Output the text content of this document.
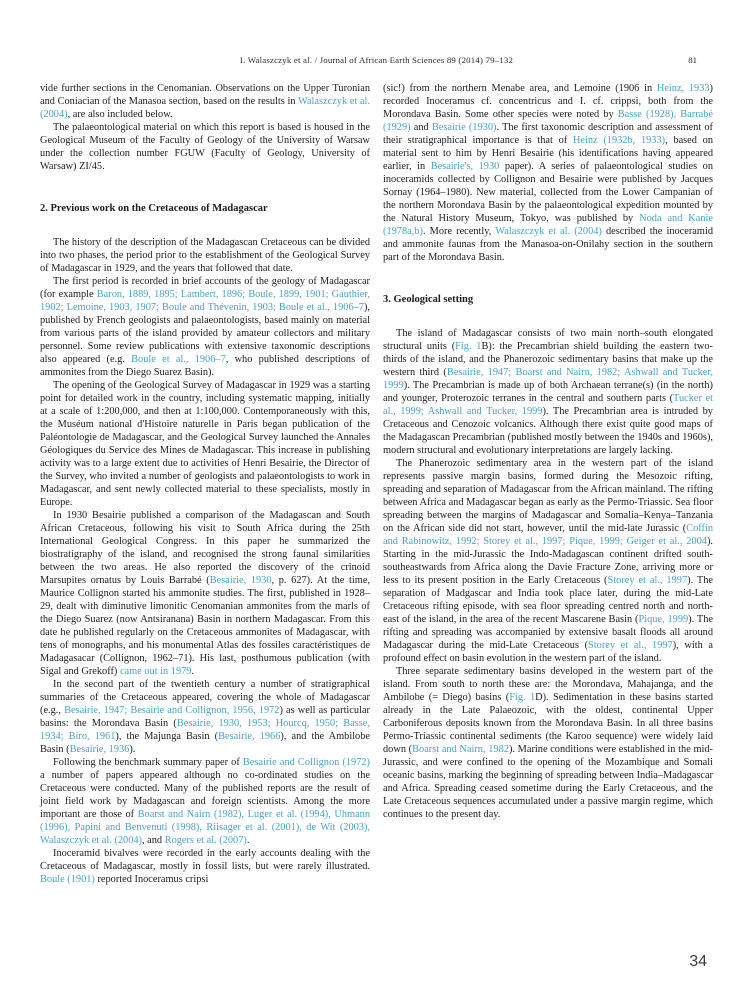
I. Walaszczyk et al. / Journal of African Earth Sciences 89 (2014) 79–132	81

vide further sections in the Cenomanian. Observations on the Upper Turonian and Coniacian of the Manasoa section, based on the results in Walaszczyk et al. (2004), are also included below.

The palaeontological material on which this report is based is housed in the Geological Museum of the Faculty of Geology of the University of Warsaw under the collection number FGUW (Faculty of Geology, University of Warsaw) ZI/45.

2. Previous work on the Cretaceous of Madagascar

The history of the description of the Madagascan Cretaceous can be divided into two phases, the period prior to the establishment of the Geological Survey of Madagascar in 1929, and the years that followed that date.

The first period is recorded in brief accounts of the geology of Madagascar (for example Baron, 1889, 1895; Lambert, 1896; Boule, 1899, 1901; Gauthier, 1902; Lemoine, 1903, 1907; Boule and Thévenin, 1903; Boule et al., 1906–7), published by French geologists and palaeontologists, based mainly on material from various parts of the island provided by amateur collectors and military personnel. Some review publications with extensive taxonomic descriptions also appeared (e.g. Boule et al., 1906–7, who published descriptions of ammonites from the Diego Suarez Basin).

The opening of the Geological Survey of Madagascar in 1929 was a starting point for detailed work in the country, including systematic mapping, initially at a scale of 1:200,000, and then at 1:100,000. Contemporaneously with this, the Muséum national d'Histoire naturelle in Paris began publication of the Paléontologie de Madagascar, and the Geological Survey launched the Annales Géologiques du Service des Mines de Madagascar. This increase in publishing activity was to a large extent due to activities of Henri Besairie, the Director of the Survey, who invited a number of geologists and palaeontologists to work in Madagascar, and sent newly collected material to these specialists, mostly in Europe.

In 1930 Besairie published a comparison of the Madagascan and South African Cretaceous, following his visit to South Africa during the 25th International Geological Congress. In this paper he summarized the biostratigraphy of the island, and recognised the strong faunal similarities between the two areas. He also reported the discovery of the crinoid Marsupites ornatus by Louis Barrabé (Besairie, 1930, p. 627). At the time, Maurice Collignon started his ammonite studies. The first, published in 1928–29, dealt with diminutive limonitic Cenomanian ammonites from the marls of the Diego Suarez (now Antsiranana) Basin in northern Madagascar. From this date he published regularly on the Cretaceous ammonites of Madagascar, with tens of monographs, and his monumental Atlas des fossiles caractéristiques de Madagasacar (Collignon, 1962–71). His last, posthumous publication (with Sigal and Grekoff) came out in 1979.

In the second part of the twentieth century a number of stratigraphical summaries of the Cretaceous appeared, covering the whole of Madagascar (e.g., Besairie, 1947; Besairie and Collignon, 1956, 1972) as well as particular basins: the Morondava Basin (Besairie, 1930, 1953; Hourcq, 1950; Basse, 1934; Biro, 1961), the Majunga Basin (Besairie, 1966), and the Ambilobe Basin (Besairie, 1936).

Following the benchmark summary paper of Besairie and Collignon (1972) a number of papers appeared although no co-ordinated studies on the Cretaceous were conducted. Many of the published reports are the result of joint field work by Madagascan and foreign scientists. Among the more important are those of Boarst and Nairn (1982), Luger et al. (1994), Uhmann (1996), Papini and Benvenuti (1998), Riisager et al. (2001), de Wit (2003), Walaszczyk et al. (2004), and Rogers et al. (2007).

Inoceramid bivalves were recorded in the early accounts dealing with the Cretaceous of Madagascar, mostly in fossil lists, but were rarely illustrated. Boule (1901) reported Inoceramus cripsi

(sic!) from the northern Menabe area, and Lemoine (1906 in Heinz, 1933) recorded Inoceramus cf. concentricus and I. cf. crippsi, both from the Morondava Basin. Some other species were noted by Basse (1928), Barrabé (1929) and Besairie (1930). The first taxonomic description and assessment of their stratigraphical importance is that of Heinz (1932b, 1933), based on material sent to him by Henri Besairie (his identifications having appeared earlier, in Besairie's, 1930 paper). A series of palaeontological studies on inoceramids collected by Collignon and Besairie were published by Jacques Sornay (1964–1980). New material, collected from the Lower Campanian of the northern Morondava Basin by the palaeontological expedition mounted by the Natural History Museum, Tokyo, was published by Noda and Kanie (1978a,b). More recently, Walaszczyk et al. (2004) described the inoceramid and ammonite faunas from the Manasoa-on-Onilahy section in the southern part of the Morondava Basin.

3. Geological setting

The island of Madagascar consists of two main north–south elongated structural units (Fig. 1B): the Precambrian shield building the eastern two-thirds of the island, and the Phanerozoic sedimentary basins that make up the western third (Besairie, 1947; Boarst and Nairn, 1982; Ashwall and Tucker, 1999). The Precambrian is made up of both Archaean terrane(s) (in the north) and younger, Proterozoic terranes in the central and southern parts (Tucker et al., 1999; Ashwall and Tucker, 1999). The Precambrian area is intruded by Cretaceous and Cenozoic volcanics. Although there exist quite good maps of the Madagascan Precambrian (published mostly between the 1940s and 1960s), modern structural and evolutionary interpretations are largely lacking.

The Phanerozoic sedimentary area in the western part of the island represents passive margin basins, formed during the Mesozoic rifting, spreading and separation of Madagascar from the African mainland. The rifting between Africa and Madagascar began as early as the Permo-Triassic. Sea floor spreading between the margins of Madagascar and Somalia–Kenya–Tanzania on the African side did not start, however, until the mid-late Jurassic (Coffin and Rabinowitz, 1992; Storey et al., 1997; Pique, 1999; Geiger et al., 2004). Starting in the mid-Jurassic the Indo-Madagascan continent drifted south-southeastwards from Africa along the Davie Fracture Zone, arriving more or less to its present position in the Early Cretaceous (Storey et al., 1997). The separation of Madgascar and India took place later, during the mid-Late Cretaceous rifting episode, with sea floor spreading centred north and north-east of the island, in the area of the recent Mascarene Basin (Pique, 1999). The rifting and spreading was accompanied by extensive basalt floods all around Madagascar during the mid-Late Cretaceous (Storey et al., 1997), with a profound effect on basin evolution in the western part of the island.

Three separate sedimentary basins developed in the western part of the island. From south to north these are: the Morondava, Mahajanga, and the Ambilobe (= Diego) basins (Fig. 1D). Sedimentation in these basins started already in the Late Palaeozoic, with the oldest, continental Upper Carboniferous deposits known from the Morondava Basin. In all three basins Permo-Triassic continental sediments (the Karoo sequence) were widely laid down (Boarst and Nairn, 1982). Marine conditions were established in the mid-Jurassic, and were confined to the opening of the Mozambique and Somali oceanic basins, marking the beginning of spreading between India–Madagascar and Africa. Spreading ceased sometime during the Early Cretaceous, and the Late Cretaceous sequences accumulated under a passive margin regime, which continues to the present day.

34
